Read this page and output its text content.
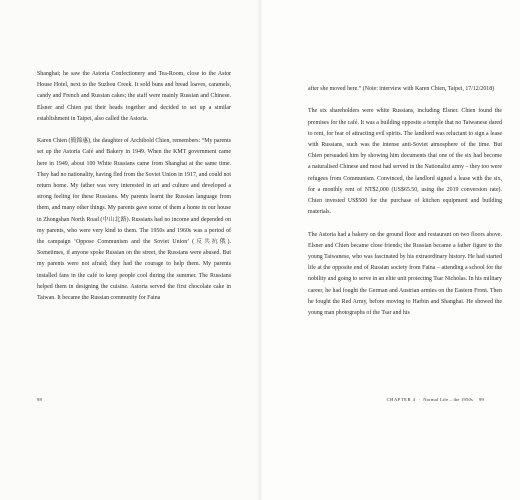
Shanghai; he saw the Astoria Confectionery and Tea-Room, close to the Astor House Hotel, next to the Suzhou Creek. It sold buns and bread loaves, caramels, candy and French and Russian cakes; the staff were mainly Russian and Chinese. Elsner and Chien put their heads together and decided to set up a similar establishment in Taipei, also called the Astoria.

Karen Chien (簡錦惠), the daughter of Archibold Chien, remembers: “My parents set up the Astoria Café and Bakery in 1949. When the KMT government came here in 1949, about 100 White Russians came from Shanghai at the same time. They had no nationality, having fled from the Soviet Union in 1917, and could not return home. My father was very interested in art and culture and developed a strong feeling for these Russians. My parents learnt the Russian language from them, and many other things. My parents gave some of them a home in our house in Zhongshan North Road (中山北路). Russians had no income and depended on my parents, who were very kind to them. The 1950s and 1960s was a period of the campaign ‘Oppose Communism and the Soviet Union’ (反共抗俄). Sometimes, if anyone spoke Russian on the street, the Russians were abused. But my parents were not afraid; they had the courage to help them. My parents installed fans in the café to keep people cool during the summer. The Russians helped them in designing the cuisine. Astoria served the first chocolate cake in Taiwan. It became the Russian community for Faina

98

after she moved here.” (Note: interview with Karen Chien, Taipei, 17/12/2018)

The six shareholders were white Russians, including Elsner. Chien found the premises for the café. It was a building opposite a temple that no Taiwanese dared to rent, for fear of attracting evil spirits. The landlord was reluctant to sign a lease with Russians, such was the intense anti-Soviet atmosphere of the time. But Chien persuaded him by showing him documents that one of the six had become a naturalised Chinese and most had served in the Nationalist army – they too were refugees from Communism. Convinced, the landlord signed a lease with the six, for a monthly rent of NT$2,000 (US$65.50, using the 2019 conversion rate). Chien invested US$500 for the purchase of kitchen equipment and building materials.

The Astoria had a bakery on the ground floor and restaurant on two floors above. Elsner and Chien became close friends; the Russian became a father figure to the young Taiwanese, who was fascinated by his extraordinary history. He had started life at the opposite end of Russian society from Faina – attending a school for the nobility and going to serve in an elite unit protecting Tsar Nicholas. In his military career, he had fought the German and Austrian armies on the Eastern Front. Then he fought the Red Army, before moving to Harbin and Shanghai. He showed the young man photographs of the Tsar and his

CHAPTER 4 · Normal Life – the 1950s 99
